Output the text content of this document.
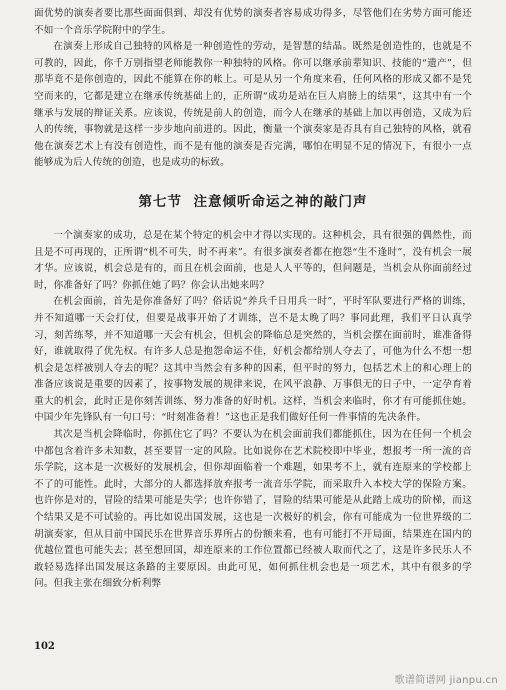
面优势的演奏者要比那些面面俱到、却没有优势的演奏者容易成功得多，尽管他们在劣势方面可能还不如一个音乐学院附中的学生。

在演奏上形成自己独特的风格是一种创造性的劳动，是智慧的结晶。既然是创造性的，也就是不可教的，因此，你千万别指望老师能教你一种独特的风格。你可以继承前辈知识、技能的“遗产”，但那毕竟不是你创造的，因此不能算在你的帐上。可是从另一个角度来看，任何风格的形成又都不是凭空而来的，它都是建立在继承传统基础上的，正所谓“成功是站在巨人肩膀上的结果”，这其中有一个继承与发展的辩证关系。应该说，传统是前人的创造，而今人在继承的基础上加以再创造，又成为后人的传统，事物就是这样一步步地向前进的。因此，衡量一个演奏家是否具有自己独特的风格，就看他在演奏艺术上有没有创造性，而不是有他的演奏是否完满，哪怕在明显不足的情况下，有很小一点能够成为后人传统的创造，也是成功的标致。

第七节 注意倾听命运之神的敲门声

一个演奏家的成功，总是在某个特定的机会中才得以实现的。这种机会，具有很强的偶然性，而且是不可再现的，正所谓“机不可失，时不再来”。有很多演奏者都在抱怨“生不逢时”，没有机会一展才华。应该说，机会总是有的，而且在机会面前，也是人人平等的，但问题是，当机会从你面前经过时，你准备好了吗？你抓住她了吗？你会认出她来吗？

在机会面前，首先是你准备好了吗？俗话说“养兵千日用兵一时”，平时军队要进行严格的训练，并不知道哪一天会打仗，但要是战事开始了才训练，岂不是太晚了吗？事同此理，我们平日认真学习，刻苦练琴，并不知道哪一天会有机会，但机会的降临总是突然的，当机会摆在面前时，谁准备得好，谁就取得了优先权。有许多人总是抱怨命运不佳，好机会都给别人夺去了，可他为什么不想一想机会是怎样被别人夺去的呢？这其中当然会有多种的因素，但平时的努力，包括艺术上的和心理上的准备应该说是重要的因素了，按事物发展的规律来说，在风平浪静、万事俱无的日子中，一定孕育着重大的机会，此时正是你刻苦训练、努力准备的好时机。这样，当机会来临时，你才有可能抓住她。中国少年先锋队有一句口号：“时刻准备着！”这也正是我们做好任何一件事情的先决条件。

其次是当机会降临时，你抓住它了吗？不要认为在机会面前我们都能抓住，因为在任何一个机会中都包含着许多未知数，甚至要冒一定的风险。比如说你在艺术院校即中毕业，想报考一所一流的音乐学院，这本是一次极好的发展机会，但你却面临着一个难题，如果考不上，就有连原来的学校都上不了的可能性。此时，大部分的人都选择放弃报考一流音乐学院，而采取升入本校大学的保险方案。也许你是对的，冒险的结果可能是失学；也许你错了，冒险的结果可能是从此踏上成功的阶梯，而这个结果又是不可试验的。再比如说出国发展，这也是一次极好的机会，你有可能成为一位世界级的二胡演奏家，但从目前中国民乐在世界音乐界所占的份额来看，也有可能打不开局面，结果连在国内的优越位置也可能失去；甚至想回国，却连原来的工作位置都已经被人取而代之了，这是许多民乐人不敢轻易选择出国发展这条路的主要原因。由此可见，如何抓住机会也是一项艺术，其中有很多的学问。但我主张在细致分析利弊

102
歌谱简谱网 jianpu.cn
